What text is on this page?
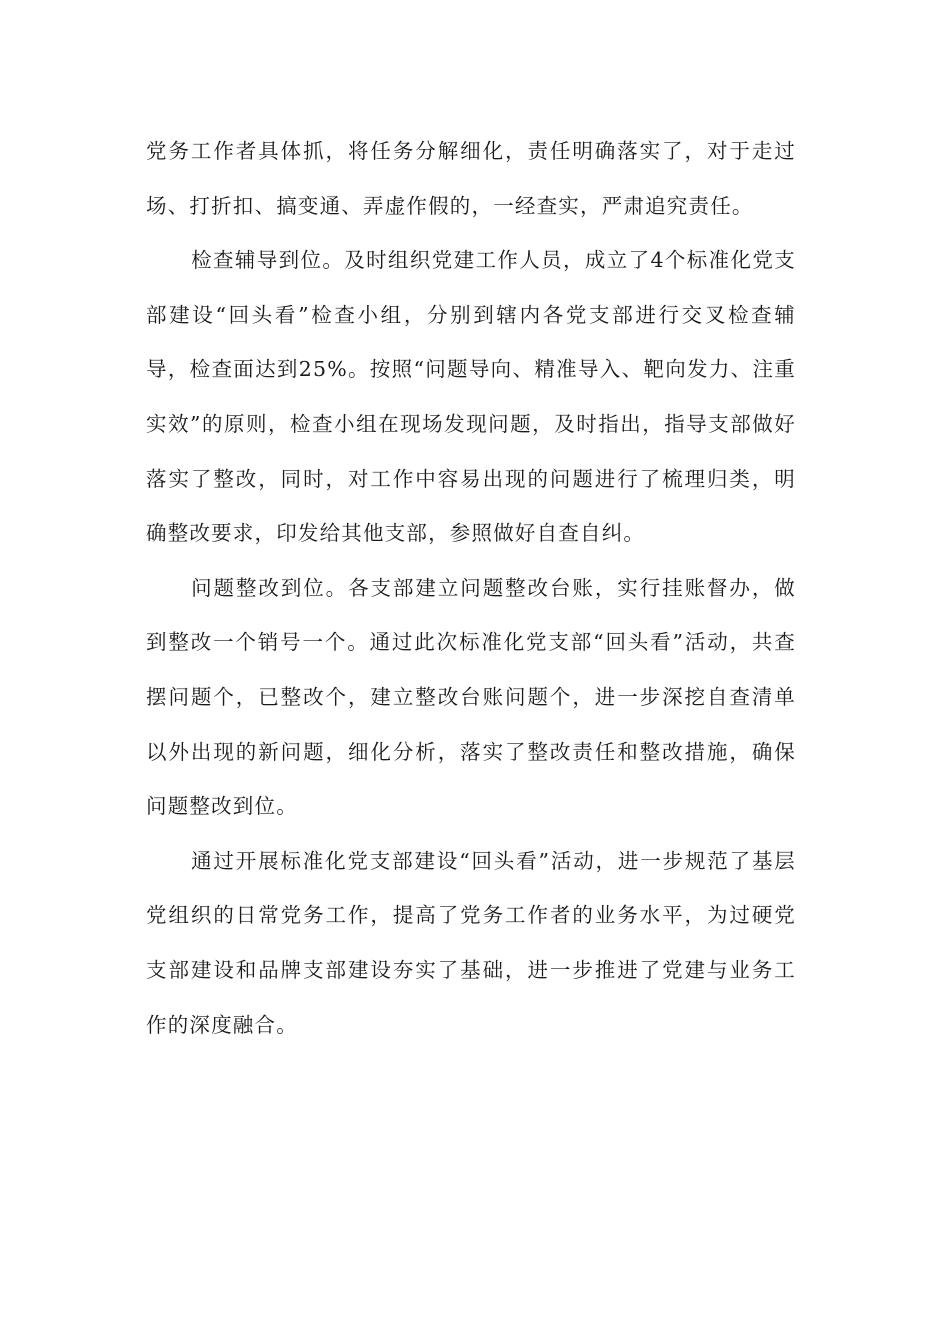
党务工作者具体抓，将任务分解细化，责任明确落实了，对于走过场、打折扣、搞变通、弄虚作假的，一经查实，严肃追究责任。

检查辅导到位。及时组织党建工作人员，成立了4个标准化党支部建设“回头看”检查小组，分别到辖内各党支部进行交叉检查辅导，检查面达到25%。按照“问题导向、精准导入、靶向发力、注重实效”的原则，检查小组在现场发现问题，及时指出，指导支部做好落实了整改，同时，对工作中容易出现的问题进行了梳理归类，明确整改要求，印发给其他支部，参照做好自查自纠。

问题整改到位。各支部建立问题整改台账，实行挂账督办，做到整改一个销号一个。通过此次标准化党支部“回头看”活动，共查摆问题个，已整改个，建立整改台账问题个，进一步深挖自查清单以外出现的新问题，细化分析，落实了整改责任和整改措施，确保问题整改到位。

通过开展标准化党支部建设“回头看”活动，进一步规范了基层党组织的日常党务工作，提高了党务工作者的业务水平，为过硬党支部建设和品牌支部建设夯实了基础，进一步推进了党建与业务工作的深度融合。
